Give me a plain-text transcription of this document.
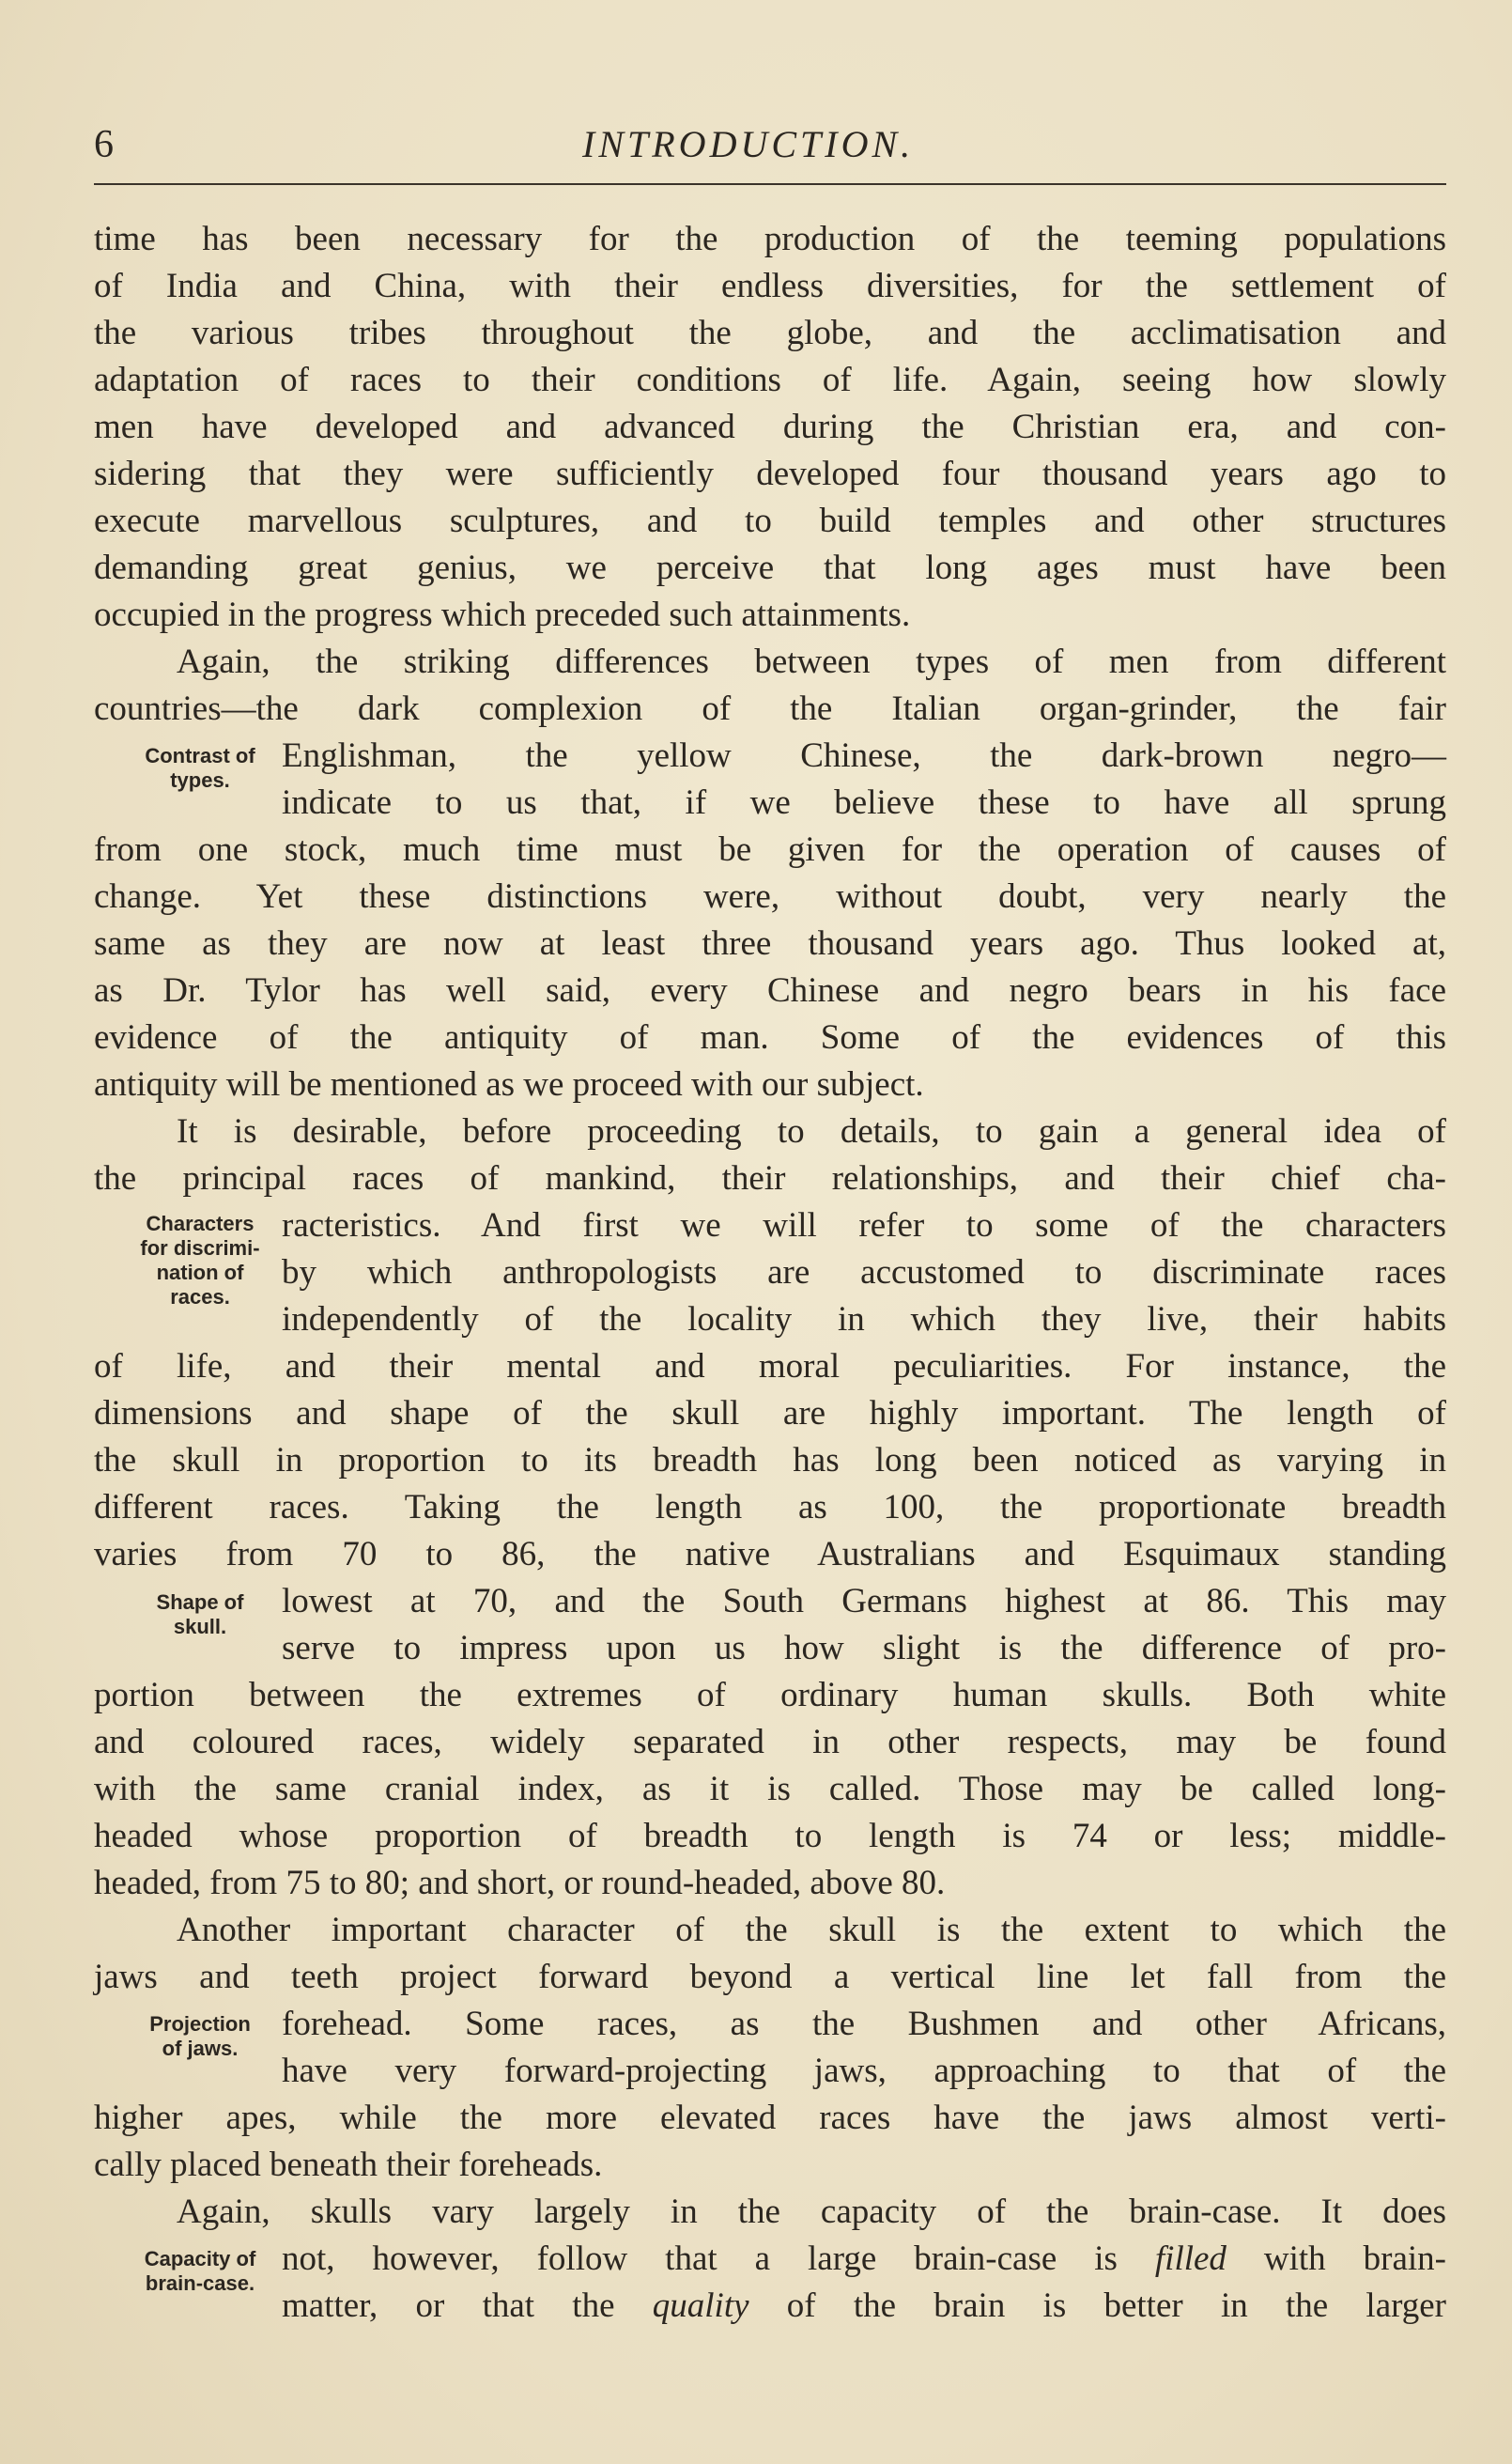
6	INTRODUCTION.
time has been necessary for the production of the teeming populations
of India and China, with their endless diversities, for the settlement of
the various tribes throughout the globe, and the acclimatisation and
adaptation of races to their conditions of life. Again, seeing how slowly
men have developed and advanced during the Christian era, and con-
sidering that they were sufficiently developed four thousand years ago to
execute marvellous sculptures, and to build temples and other structures
demanding great genius, we perceive that long ages must have been
occupied in the progress which preceded such attainments.
Again, the striking differences between types of men from different
countries—the dark complexion of the Italian organ-grinder, the fair
Englishman, the yellow Chinese, the dark-brown negro—
indicate to us that, if we believe these to have all sprung
Contrast of
types.
from one stock, much time must be given for the operation of causes of
change. Yet these distinctions were, without doubt, very nearly the
same as they are now at least three thousand years ago. Thus looked at,
as Dr. Tylor has well said, every Chinese and negro bears in his face
evidence of the antiquity of man. Some of the evidences of this
antiquity will be mentioned as we proceed with our subject.
It is desirable, before proceeding to details, to gain a general idea of
the principal races of mankind, their relationships, and their chief cha-
racteristics. And first we will refer to some of the characters
by which anthropologists are accustomed to discriminate races
independently of the locality in which they live, their habits
Characters
for discrimi-
nation of
races.
of life, and their mental and moral peculiarities. For instance, the
dimensions and shape of the skull are highly important. The length of
the skull in proportion to its breadth has long been noticed as varying in
different races. Taking the length as 100, the proportionate breadth
varies from 70 to 86, the native Australians and Esquimaux standing
lowest at 70, and the South Germans highest at 86. This may
serve to impress upon us how slight is the difference of pro-
Shape of
skull.
portion between the extremes of ordinary human skulls. Both white
and coloured races, widely separated in other respects, may be found
with the same cranial index, as it is called. Those may be called long-
headed whose proportion of breadth to length is 74 or less; middle-
headed, from 75 to 80; and short, or round-headed, above 80.
Another important character of the skull is the extent to which the
jaws and teeth project forward beyond a vertical line let fall from the
forehead. Some races, as the Bushmen and other Africans,
have very forward-projecting jaws, approaching to that of the
Projection
of jaws.
higher apes, while the more elevated races have the jaws almost verti-
cally placed beneath their foreheads.
Again, skulls vary largely in the capacity of the brain-case. It does
not, however, follow that a large brain-case is filled with brain-
matter, or that the quality of the brain is better in the larger
Capacity of
brain-case.
